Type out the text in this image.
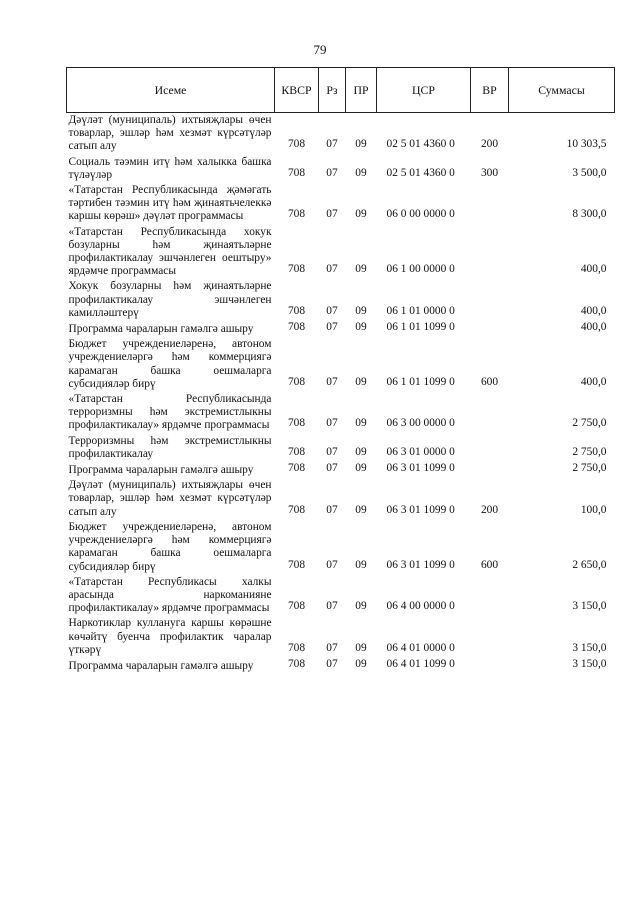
79
Исеме	КВСР	Рз	ПР	ЦСР	ВР	Суммасы
Дәүләт (муниципаль) ихтыяҗлары өчен товарлар, эшләр һәм хезмәт күрсәтүләр сатып алу	708	07	09	02 5 01 4360 0	200	10 303,5
Социаль тәэмин итү һәм халыкка башка түләүләр	708	07	09	02 5 01 4360 0	300	3 500,0
«Татарстан Республикасында җәмәгать тәртибен тәэмин итү һәм җинаятьчелеккә каршы көрәш» дәүләт программасы	708	07	09	06 0 00 0000 0		8 300,0
«Татарстан Республикасында хокук бозуларны һәм җинаятьләрне профилактикалау эшчәнлеген оештыру» ярдәмче программасы	708	07	09	06 1 00 0000 0		400,0
Хокук бозуларны һәм җинаятьләрне профилактикалау эшчәнлеген камилләштерү	708	07	09	06 1 01 0000 0		400,0
Программа чараларын гамәлгә ашыру	708	07	09	06 1 01 1099 0		400,0
Бюджет учреждениеләренә, автоном учреждениеләргә һәм коммерциягә карамаган башка оешмаларга субсидияләр бирү	708	07	09	06 1 01 1099 0	600	400,0
«Татарстан Республикасында терроризмны һәм экстремистлыкны профилактикалау» ярдәмче программасы	708	07	09	06 3 00 0000 0		2 750,0
Терроризмны һәм экстремистлыкны профилактикалау	708	07	09	06 3 01 0000 0		2 750,0
Программа чараларын гамәлгә ашыру	708	07	09	06 3 01 1099 0		2 750,0
Дәүләт (муниципаль) ихтыяҗлары өчен товарлар, эшләр һәм хезмәт күрсәтүләр сатып алу	708	07	09	06 3 01 1099 0	200	100,0
Бюджет учреждениеләренә, автоном учреждениеләргә һәм коммерциягә карамаган башка оешмаларга субсидияләр бирү	708	07	09	06 3 01 1099 0	600	2 650,0
«Татарстан Республикасы халкы арасында наркоманияне профилактикалау» ярдәмче программасы	708	07	09	06 4 00 0000 0		3 150,0
Наркотиклар куллануга каршы көрәшне көчәйтү буенча профилактик чаралар үткәрү	708	07	09	06 4 01 0000 0		3 150,0
Программа чараларын гамәлгә ашыру	708	07	09	06 4 01 1099 0		3 150,0
